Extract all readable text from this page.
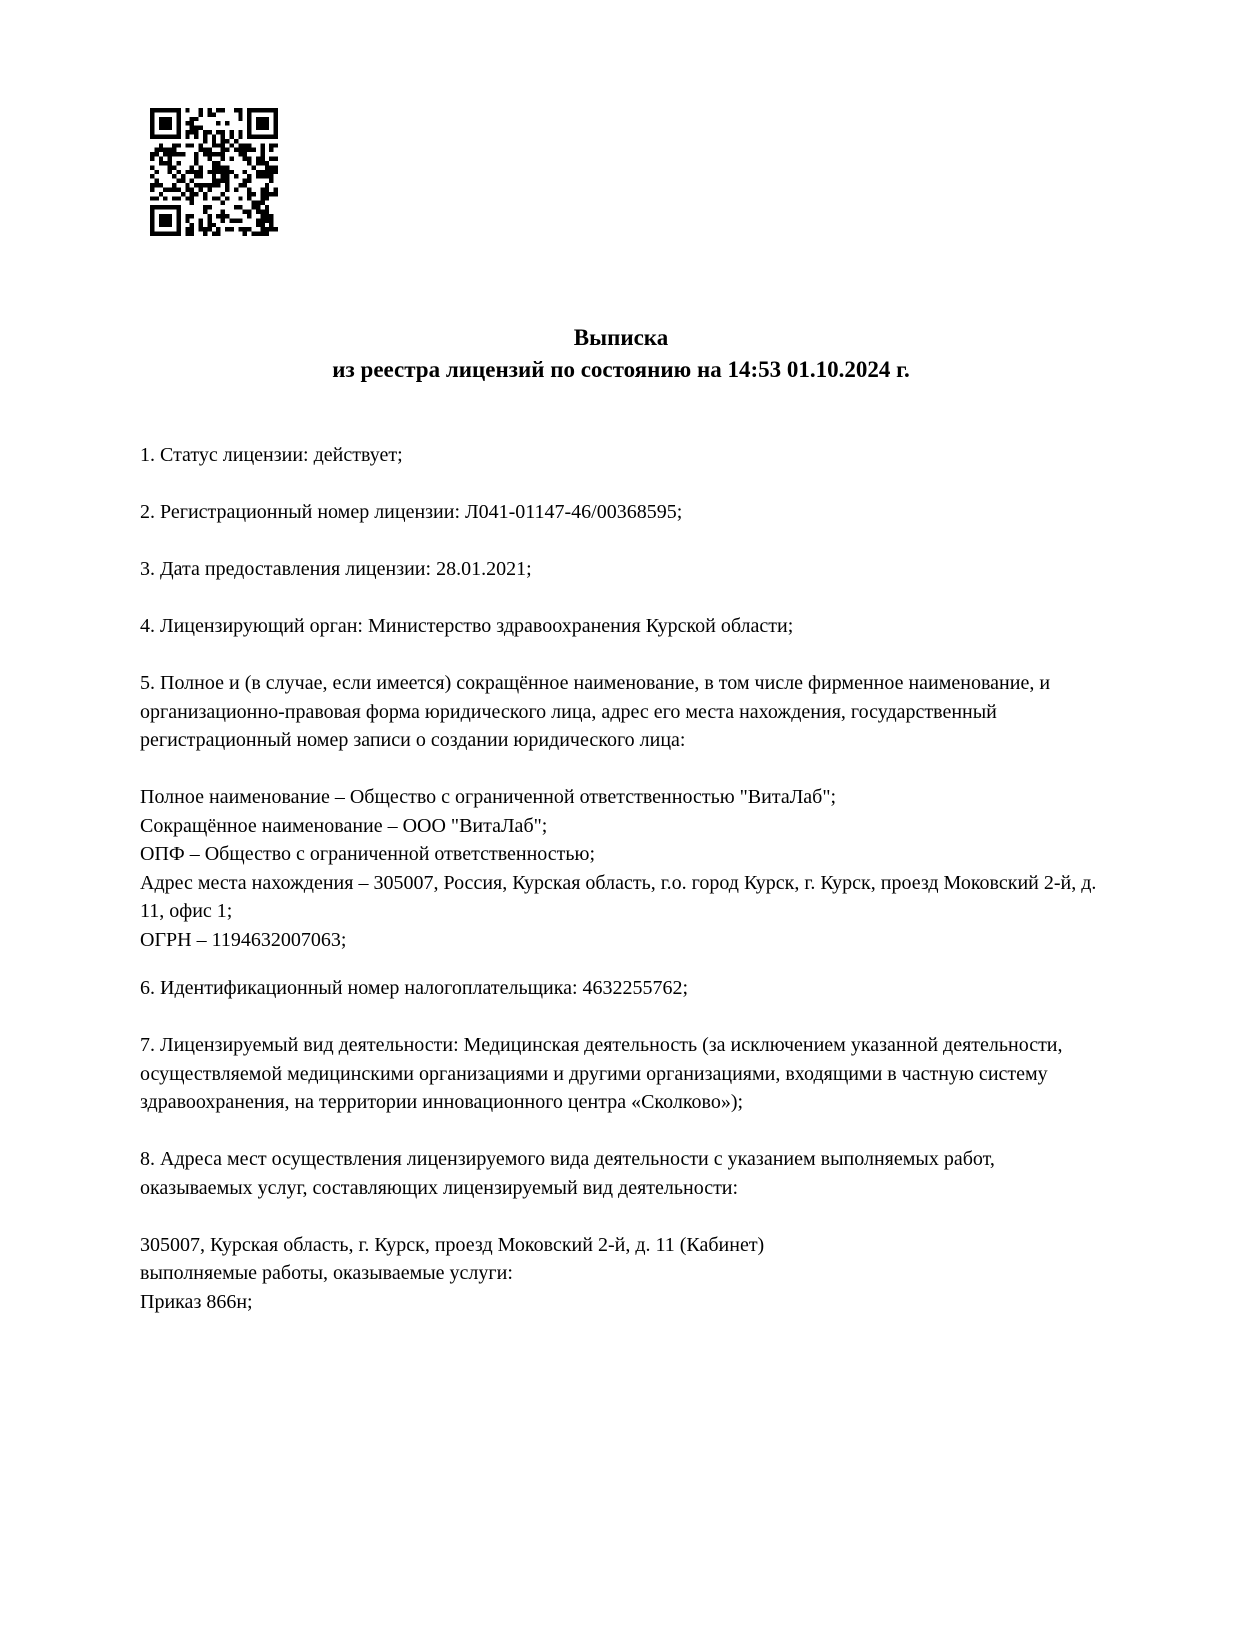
Выписка
из реестра лицензий по состоянию на 14:53 01.10.2024 г.

1. Статус лицензии: действует;

2. Регистрационный номер лицензии: Л041-01147-46/00368595;

3. Дата предоставления лицензии: 28.01.2021;

4. Лицензирующий орган: Министерство здравоохранения Курской области;

5. Полное и (в случае, если имеется) сокращённое наименование, в том числе фирменное наименование, и организационно-правовая форма юридического лица, адрес его места нахождения, государственный регистрационный номер записи о создании юридического лица:

Полное наименование – Общество с ограниченной ответственностью "ВитаЛаб";
Сокращённое наименование – ООО "ВитаЛаб";
ОПФ – Общество с ограниченной ответственностью;
Адрес места нахождения – 305007, Россия, Курская область, г.о. город Курск, г. Курск, проезд Моковский 2-й, д. 11, офис 1;
ОГРН – 1194632007063;

6. Идентификационный номер налогоплательщика: 4632255762;

7. Лицензируемый вид деятельности: Медицинская деятельность (за исключением указанной деятельности, осуществляемой медицинскими организациями и другими организациями, входящими в частную систему здравоохранения, на территории инновационного центра «Сколково»);

8. Адреса мест осуществления лицензируемого вида деятельности с указанием выполняемых работ, оказываемых услуг, составляющих лицензируемый вид деятельности:

305007, Курская область, г. Курск, проезд Моковский 2-й, д. 11 (Кабинет)
выполняемые работы, оказываемые услуги:
Приказ 866н;
